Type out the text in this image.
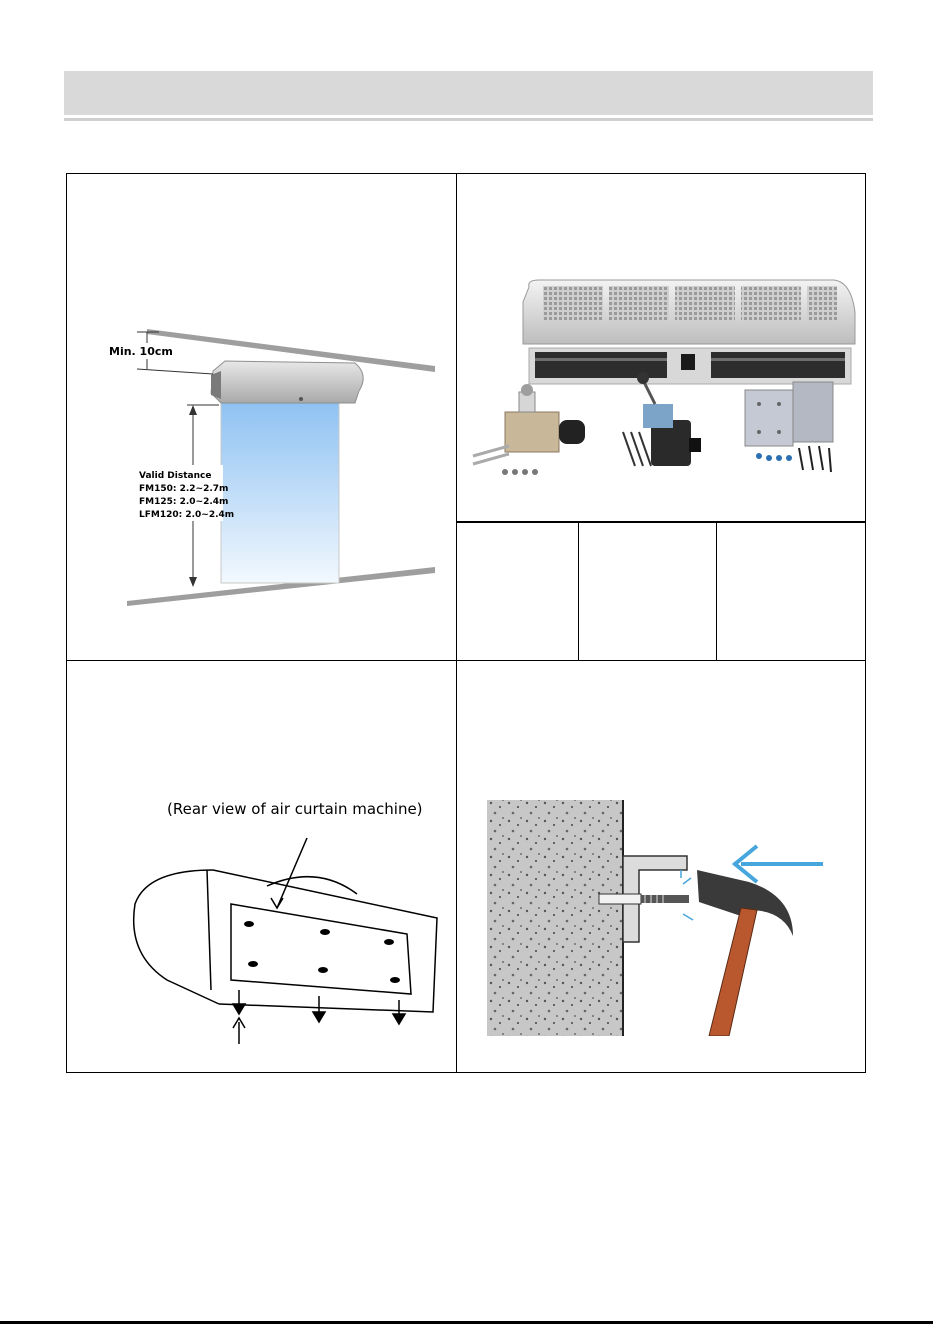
Min. 10cm
Valid Distance
FM150: 2.2~2.7m
FM125: 2.0~2.4m
LFM120: 2.0~2.4m
(Rear view of air curtain machine)
